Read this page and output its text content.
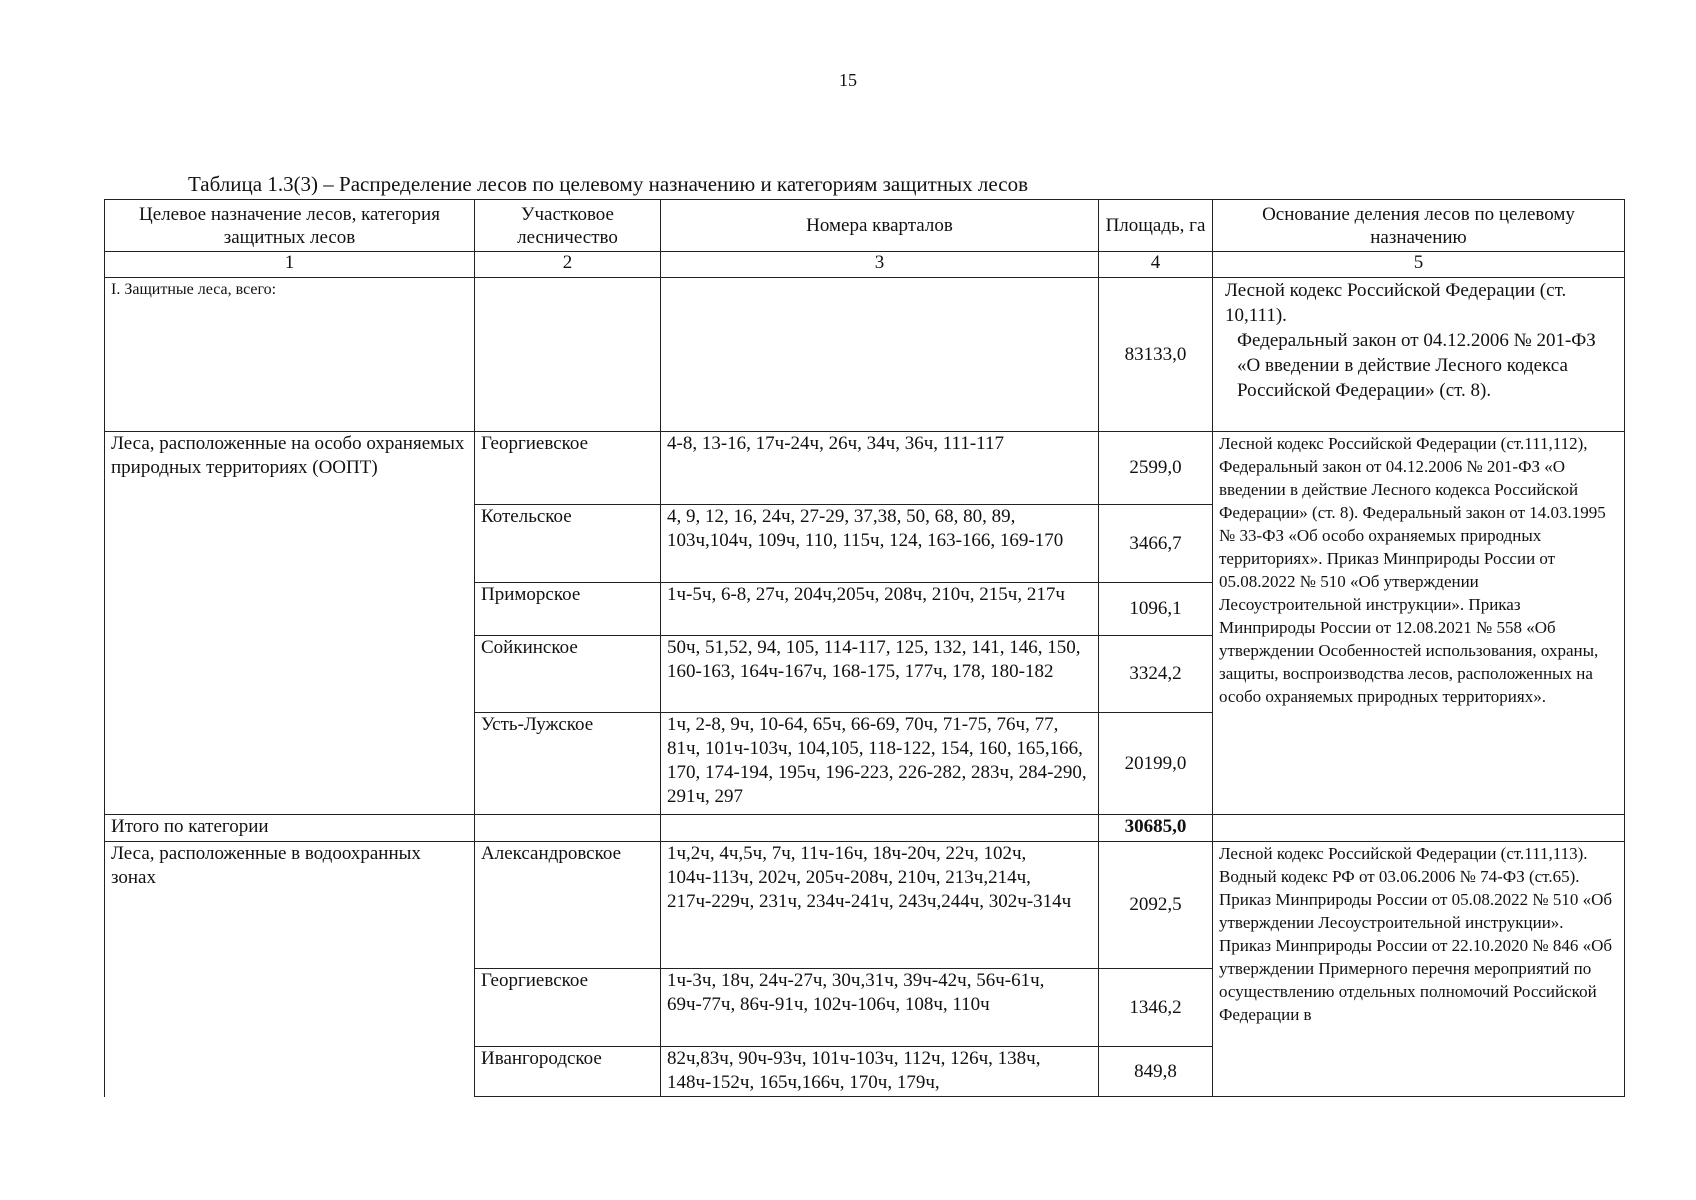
15
Таблица 1.3(3) – Распределение лесов по целевому назначению и категориям защитных лесов
Целевое назначение лесов, категория защитных лесов	Участковое лесничество	Номера кварталов	Площадь, га	Основание деления лесов по целевому назначению
1	2	3	4	5
I. Защитные леса, всего:			83133,0	Лесной кодекс Российской Федерации (ст. 10,111).
Федеральный закон от 04.12.2006 № 201-ФЗ «О введении в действие Лесного кодекса Российской Федерации» (ст. 8).

Леса, расположенные на особо охраняемых природных территориях (ООПТ)	Георгиевское	4-8, 13-16, 17ч-24ч, 26ч, 34ч, 36ч, 111-117	2599,0	Лесной кодекс Российской Федерации (ст.111,112), Федеральный закон от 04.12.2006 № 201-ФЗ «О введении в действие Лесного кодекса Российской Федерации» (ст. 8). Федеральный закон от 14.03.1995 № 33-ФЗ «Об особо охраняемых природных территориях». Приказ Минприроды России от 05.08.2022 № 510 «Об утверждении Лесоустроительной инструкции». Приказ Минприроды России от 12.08.2021 № 558 «Об утверждении Особенностей использования, охраны, защиты, воспроизводства лесов, расположенных на особо охраняемых природных территориях».
	Котельское	4, 9, 12, 16, 24ч, 27-29, 37,38, 50, 68, 80, 89, 103ч,104ч, 109ч, 110, 115ч, 124, 163-166, 169-170	3466,7	
	Приморское	1ч-5ч, 6-8, 27ч, 204ч,205ч, 208ч, 210ч, 215ч, 217ч	1096,1	
	Сойкинское	50ч, 51,52, 94, 105, 114-117, 125, 132, 141, 146, 150, 160-163, 164ч-167ч, 168-175, 177ч, 178, 180-182	3324,2	
	Усть-Лужское	1ч, 2-8, 9ч, 10-64, 65ч, 66-69, 70ч, 71-75, 76ч, 77, 81ч, 101ч-103ч, 104,105, 118-122, 154, 160, 165,166, 170, 174-194, 195ч, 196-223, 226-282, 283ч, 284-290, 291ч, 297	20199,0	
Итого по категории			30685,0	
Леса, расположенные в водоохранных зонах	Александровское	1ч,2ч, 4ч,5ч, 7ч, 11ч-16ч, 18ч-20ч, 22ч, 102ч, 104ч-113ч, 202ч, 205ч-208ч, 210ч, 213ч,214ч, 217ч-229ч, 231ч, 234ч-241ч, 243ч,244ч, 302ч-314ч	2092,5	Лесной кодекс Российской Федерации (ст.111,113). Водный кодекс РФ от 03.06.2006 № 74-ФЗ (ст.65). Приказ Минприроды России от 05.08.2022 № 510 «Об утверждении Лесоустроительной инструкции». Приказ Минприроды России от 22.10.2020 № 846 «Об утверждении Примерного перечня мероприятий по осуществлению отдельных полномочий Российской Федерации в
	Георгиевское	1ч-3ч, 18ч, 24ч-27ч, 30ч,31ч, 39ч-42ч, 56ч-61ч, 69ч-77ч, 86ч-91ч, 102ч-106ч, 108ч, 110ч	1346,2	
	Ивангородское	82ч,83ч, 90ч-93ч, 101ч-103ч, 112ч, 126ч, 138ч, 148ч-152ч, 165ч,166ч, 170ч, 179ч,	849,8	
